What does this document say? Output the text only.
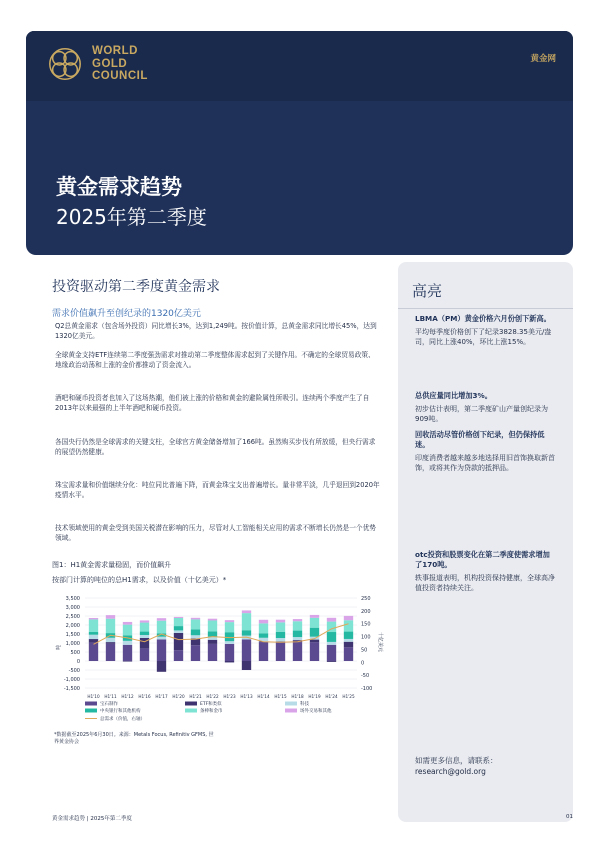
WORLD
GOLD
COUNCIL
黄金网
黄金需求趋势
2025年第二季度
投资驱动第二季度黄金需求
需求价值飙升至创纪录的1320亿美元

Q2总黄金需求（包含场外投资）同比增长3%，达到1,249吨。按价值计算，总黄金需求同比增长45%，达到1320亿美元。

全球黄金支持ETF连续第二季度强劲需求对推动第二季度整体需求起到了关键作用。不确定的全球贸易政策、地缘政治动荡和上涨的金价都推动了资金流入。

酒吧和硬币投资者也加入了这场热潮，他们被上涨的价格和黄金的避险属性所吸引。连续两个季度产生了自2013年以来最强的上半年酒吧和硬币投资。

各国央行仍然是全球需求的关键支柱，全球官方黄金储备增加了166吨。虽然购买步伐有所放缓，但央行需求的展望仍然健康。

珠宝需求量和价值继续分化：吨位同比普遍下降，而黄金珠宝支出普遍增长。量非常平淡，几乎退回到2020年疫情水平。

技术领域使用的黄金受到美国关税潜在影响的压力，尽管对人工智能相关应用的需求不断增长仍然是一个优势领域。

图1：H1黄金需求量稳固，而价值飙升
按部门计算的吨位的总H1需求，以及价值（十亿美元）*
3,500
3,000
2,500
2,000
1,500
1,000
500
0
-500
-1,000
-1,500
250
200
150
100
50
0
-50
-100
吨	十亿美元
H1'10 H1'11 H1'12 H1'16 H1'17 H1'20 H1'21 H1'22 H1'23 H1'13 H1'14 H1'15 H1'18 H1'19 H1'24 H1'25
宝石制作	ETF和类似	科技
中央银行和其他机构	条棒和金币	场外交易和其他
总需求（价值，右轴）
*数据截至2025年6月30日。来源：Metals Focus, Refinitiv GFMS, 世界黄金协会
高亮
LBMA（PM）黄金价格六月份创下新高。
平均每季度价格创下了纪录3828.35美元/盎司，同比上涨40%，环比上涨15%。
总供应量同比增加3%。
初步估计表明，第二季度矿山产量创纪录为909吨。
回收活动尽管价格创下纪录，但仍保持低迷。
印度消费者越来越多地选择用旧首饰换取新首饰，或将其作为贷款的抵押品。
otc投资和股票变化在第二季度使需求增加了170吨。
轶事报道表明，机构投资保持健康，全球高净值投资者持续关注。
如需更多信息，请联系：research@gold.org
黄金需求趋势 | 2025年第二季度	01
